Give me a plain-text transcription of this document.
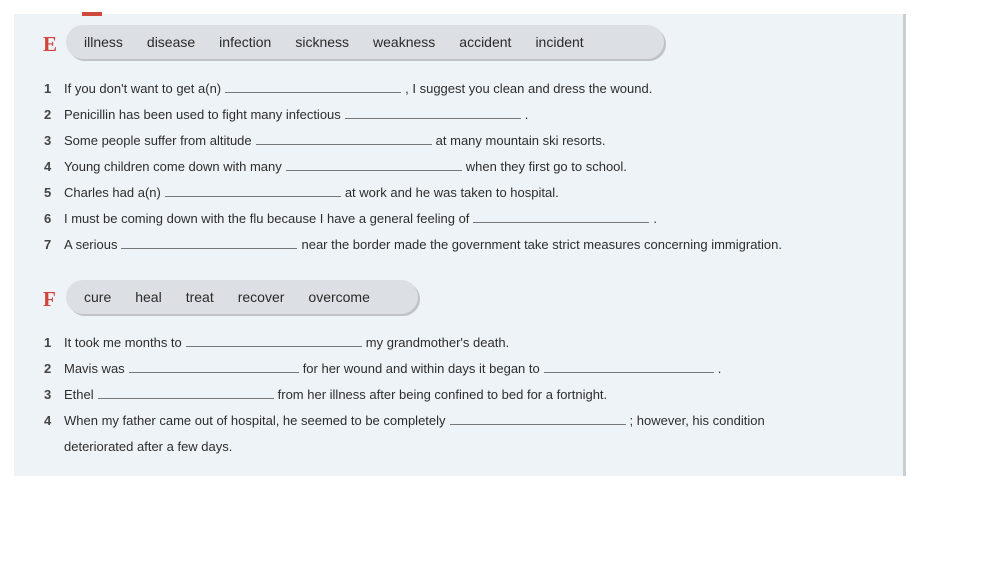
E illness disease infection sickness weakness accident incident
1 If you don't want to get a(n)	, I suggest you clean and dress the wound.
2 Penicillin has been used to fight many infectious	.
3 Some people suffer from altitude	at many mountain ski resorts.
4 Young children come down with many	when they first go to school.
5 Charles had a(n)	at work and he was taken to hospital.
6 I must be coming down with the flu because I have a general feeling of	.
7 A serious	near the border made the government take strict measures concerning immigration.
F cure heal treat recover overcome
1 It took me months to	my grandmother's death.
2 Mavis was	for her wound and within days it began to	.
3 Ethel	from her illness after being confined to bed for a fortnight.
4 When my father came out of hospital, he seemed to be completely	; however, his condition
deteriorated after a few days.
